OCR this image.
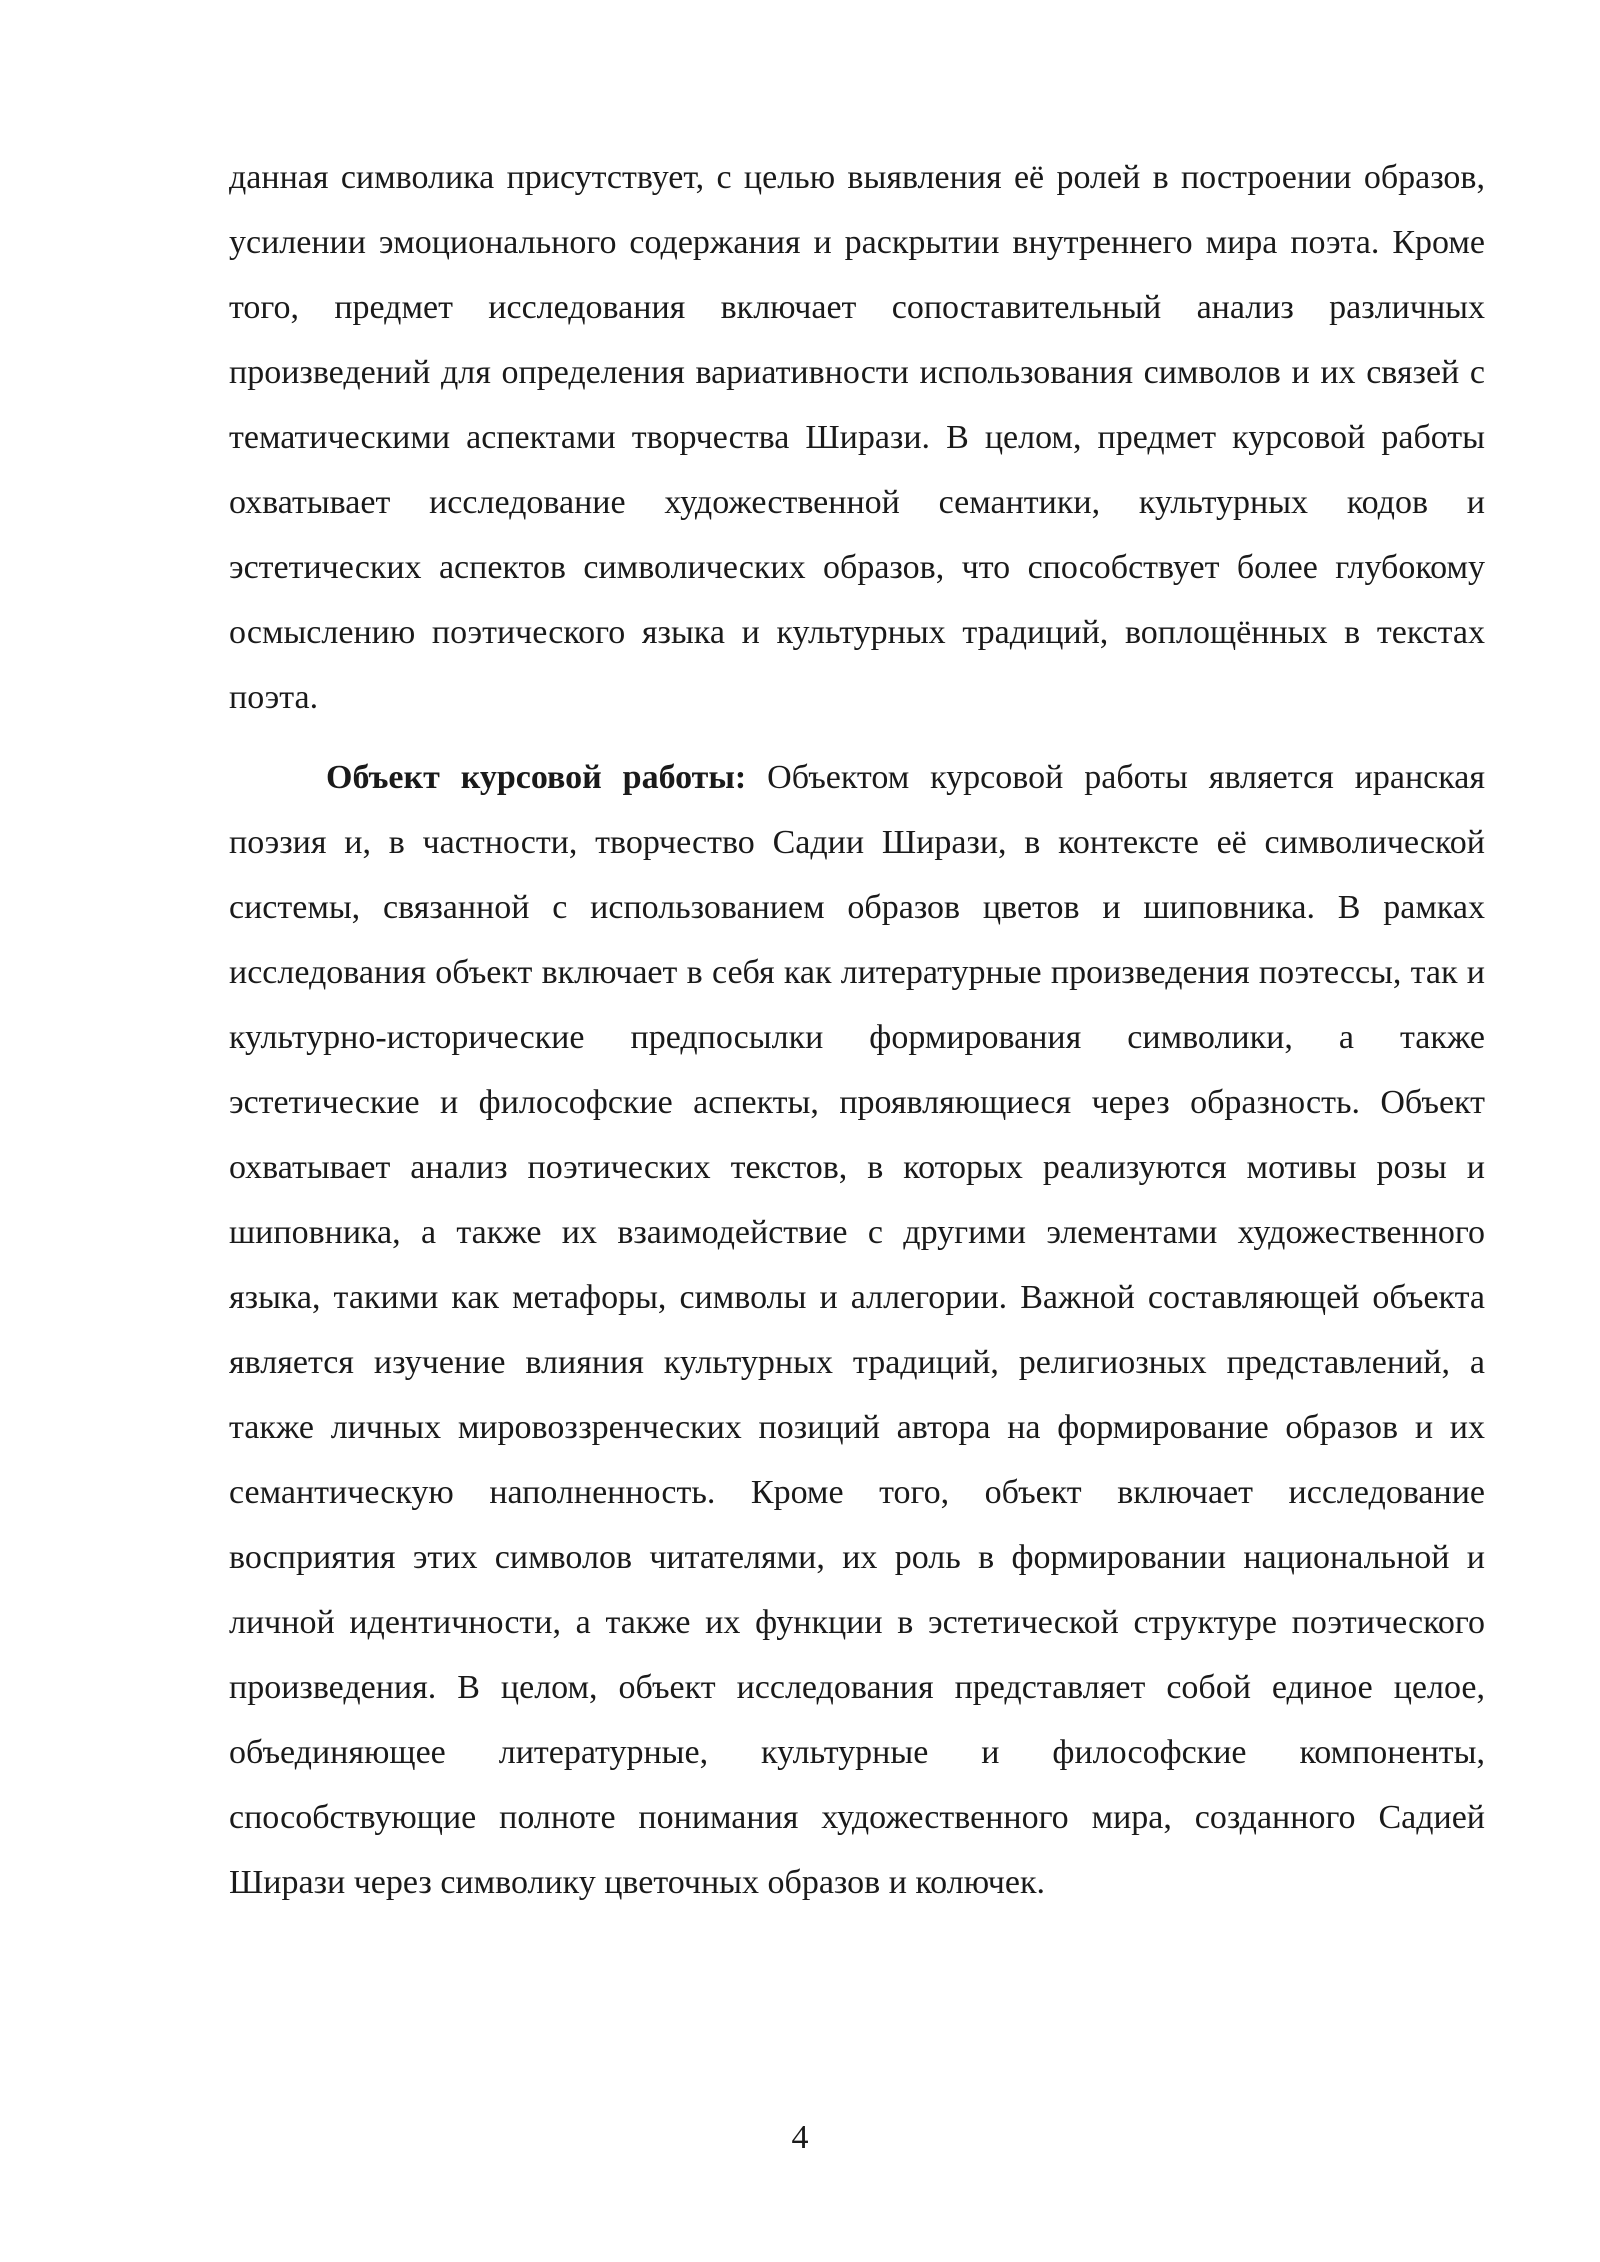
данная символика присутствует, с целью выявления её ролей в построении образов, усилении эмоционального содержания и раскрытии внутреннего мира поэта. Кроме того, предмет исследования включает сопоставительный анализ различных произведений для определения вариативности использования символов и их связей с тематическими аспектами творчества Ширази. В целом, предмет курсовой работы охватывает исследование художественной семантики, культурных кодов и эстетических аспектов символических образов, что способствует более глубокому осмыслению поэтического языка и культурных традиций, воплощённых в текстах поэта.

Объект курсовой работы: Объектом курсовой работы является иранская поэзия и, в частности, творчество Садии Ширази, в контексте её символической системы, связанной с использованием образов цветов и шиповника. В рамках исследования объект включает в себя как литературные произведения поэтессы, так и культурно-исторические предпосылки формирования символики, а также эстетические и философские аспекты, проявляющиеся через образность. Объект охватывает анализ поэтических текстов, в которых реализуются мотивы розы и шиповника, а также их взаимодействие с другими элементами художественного языка, такими как метафоры, символы и аллегории. Важной составляющей объекта является изучение влияния культурных традиций, религиозных представлений, а также личных мировоззренческих позиций автора на формирование образов и их семантическую наполненность. Кроме того, объект включает исследование восприятия этих символов читателями, их роль в формировании национальной и личной идентичности, а также их функции в эстетической структуре поэтического произведения. В целом, объект исследования представляет собой единое целое, объединяющее литературные, культурные и философские компоненты, способствующие полноте понимания художественного мира, созданного Садией Ширази через символику цветочных образов и колючек.

4
